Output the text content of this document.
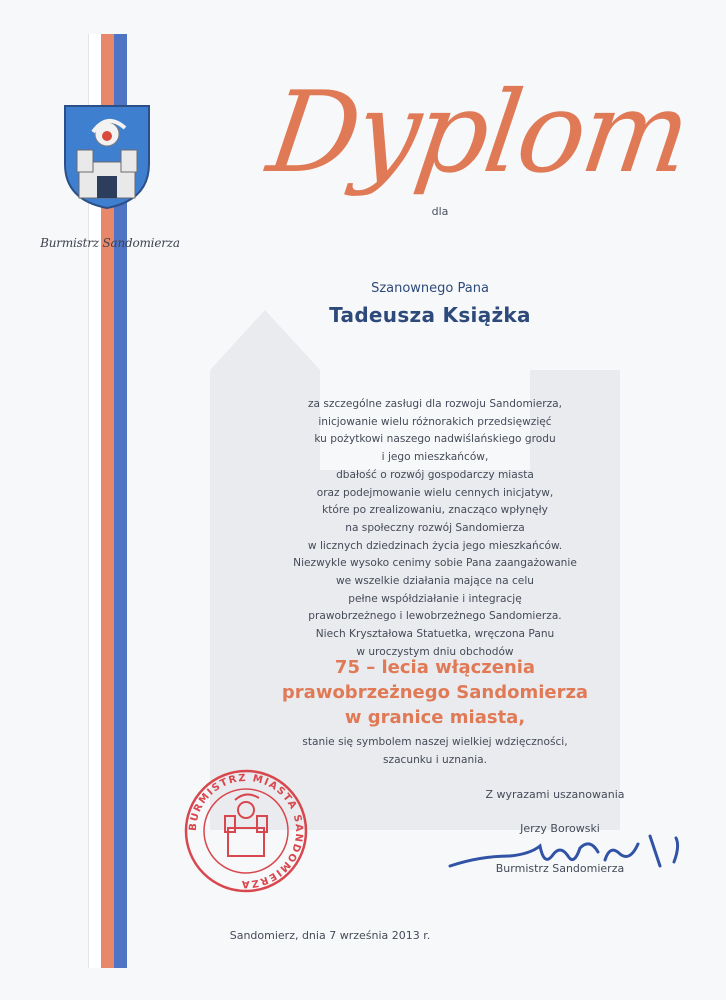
Burmistrz Sandomierza
Dyplom
dla
Szanownego Pana
Tadeusza Książka
za szczególne zasługi dla rozwoju Sandomierza,
inicjowanie wielu różnorakich przedsięwzięć
ku pożytkowi naszego nadwiślańskiego grodu
i jego mieszkańców,
dbałość o rozwój gospodarczy miasta
oraz podejmowanie wielu cennych inicjatyw,
które po zrealizowaniu, znacząco wpłynęły
na społeczny rozwój Sandomierza
w licznych dziedzinach życia jego mieszkańców.
Niezwykle wysoko cenimy sobie Pana zaangażowanie
we wszelkie działania mające na celu
pełne współdziałanie i integrację
prawobrzeżnego i lewobrzeżnego Sandomierza.
Niech Kryształowa Statuetka, wręczona Panu
w uroczystym dniu obchodów
75 – lecia włączenia
prawobrzeżnego Sandomierza
w granice miasta,
stanie się symbolem naszej wielkiej wdzięczności,
szacunku i uznania.
Z wyrazami uszanowania
BURMISTRZ MIASTA SANDOMIERZA
Jerzy Borowski
Burmistrz Sandomierza
Sandomierz, dnia 7 września 2013 r.
